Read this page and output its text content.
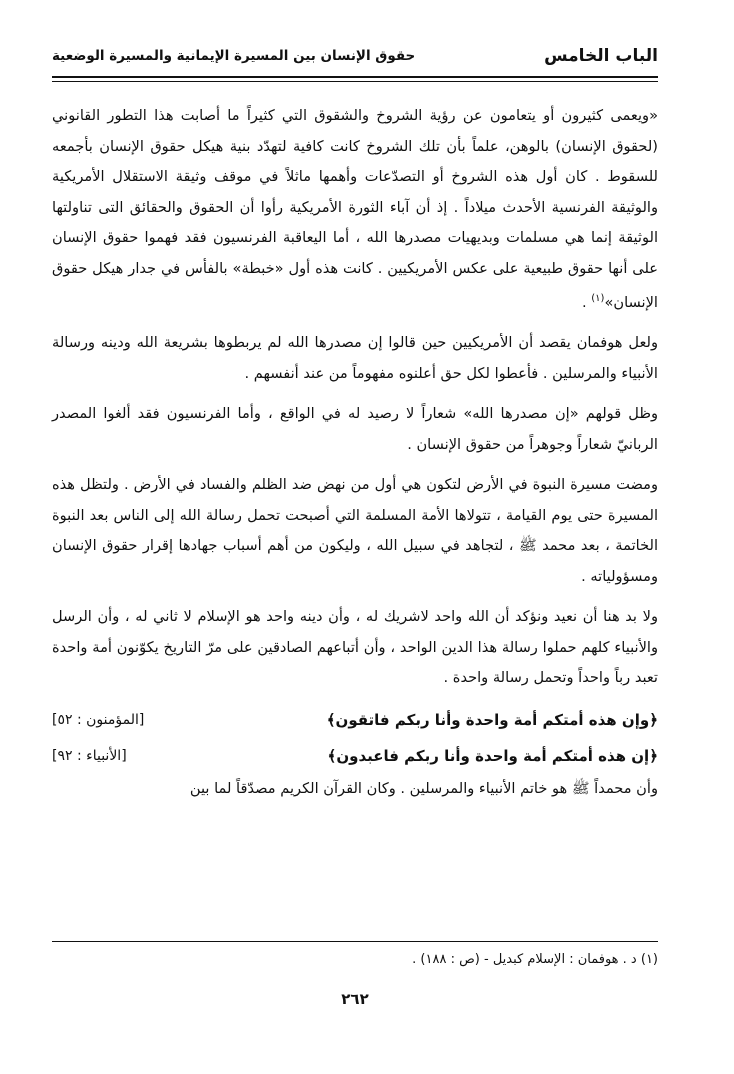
الباب الخامس
حقوق الإنسان بين المسيرة الإيمانية والمسيرة الوضعية

«ويعمى كثيرون أو يتعامون عن رؤية الشروخ والشقوق التي كثيراً ما أصابت هذا التطور القانوني (لحقوق الإنسان) بالوهن، علماً بأن تلك الشروخ كانت كافية لتهدّد بنية هيكل حقوق الإنسان بأجمعه للسقوط . كان أول هذه الشروخ أو التصدّعات وأهمها ماثلاً في موقف وثيقة الاستقلال الأمريكية والوثيقة الفرنسية الأحدث ميلاداً . إذ أن آباء الثورة الأمريكية رأوا أن الحقوق والحقائق التى تناولتها الوثيقة إنما هي مسلمات وبديهيات مصدرها الله ، أما اليعاقبة الفرنسيون فقد فهموا حقوق الإنسان على أنها حقوق طبيعية على عكس الأمريكيين . كانت هذه أول «خبطة» بالفأس في جدار هيكل حقوق الإنسان»$^{(١)}$ .

ولعل هوفمان يقصد أن الأمريكيين حين قالوا إن مصدرها الله لم يربطوها بشريعة الله ودينه ورسالة الأنبياء والمرسلين . فأعطوا لكل حق أعلنوه مفهوماً من عند أنفسهم .

وظل قولهم «إن مصدرها الله» شعاراً لا رصيد له في الواقع ، وأما الفرنسيون فقد ألغوا المصدر الربانيّ شعاراً وجوهراً من حقوق الإنسان .

ومضت مسيرة النبوة في الأرض لتكون هي أول من نهض ضد الظلم والفساد في الأرض . ولتظل هذه المسيرة حتى يوم القيامة ، تتولاها الأمة المسلمة التي أصبحت تحمل رسالة الله إلى الناس بعد النبوة الخاتمة ، بعد محمد ﷺ ، لتجاهد في سبيل الله ، وليكون من أهم أسباب جهادها إقرار حقوق الإنسان ومسؤولياته .

ولا بد هنا أن نعيد ونؤكد أن الله واحد لاشريك له ، وأن دينه واحد هو الإسلام لا ثاني له ، وأن الرسل والأنبياء كلهم حملوا رسالة هذا الدين الواحد ، وأن أتباعهم الصادقين على مرّ التاريخ يكوّنون أمة واحدة تعبد رباً واحداً وتحمل رسالة واحدة .

﴿وإن هذه أمتكم أمة واحدة وأنا ربكم فاتقون﴾
[المؤمنون : ٥٢]
﴿إن هذه أمتكم أمة واحدة وأنا ربكم فاعبدون﴾
[الأنبياء : ٩٢]

وأن محمداً ﷺ هو خاتم الأنبياء والمرسلين . وكان القرآن الكريم مصدّقاً لما بين

(١) د . هوفمان : الإسلام كبديل - (ص : ١٨٨) .
٢٦٢
